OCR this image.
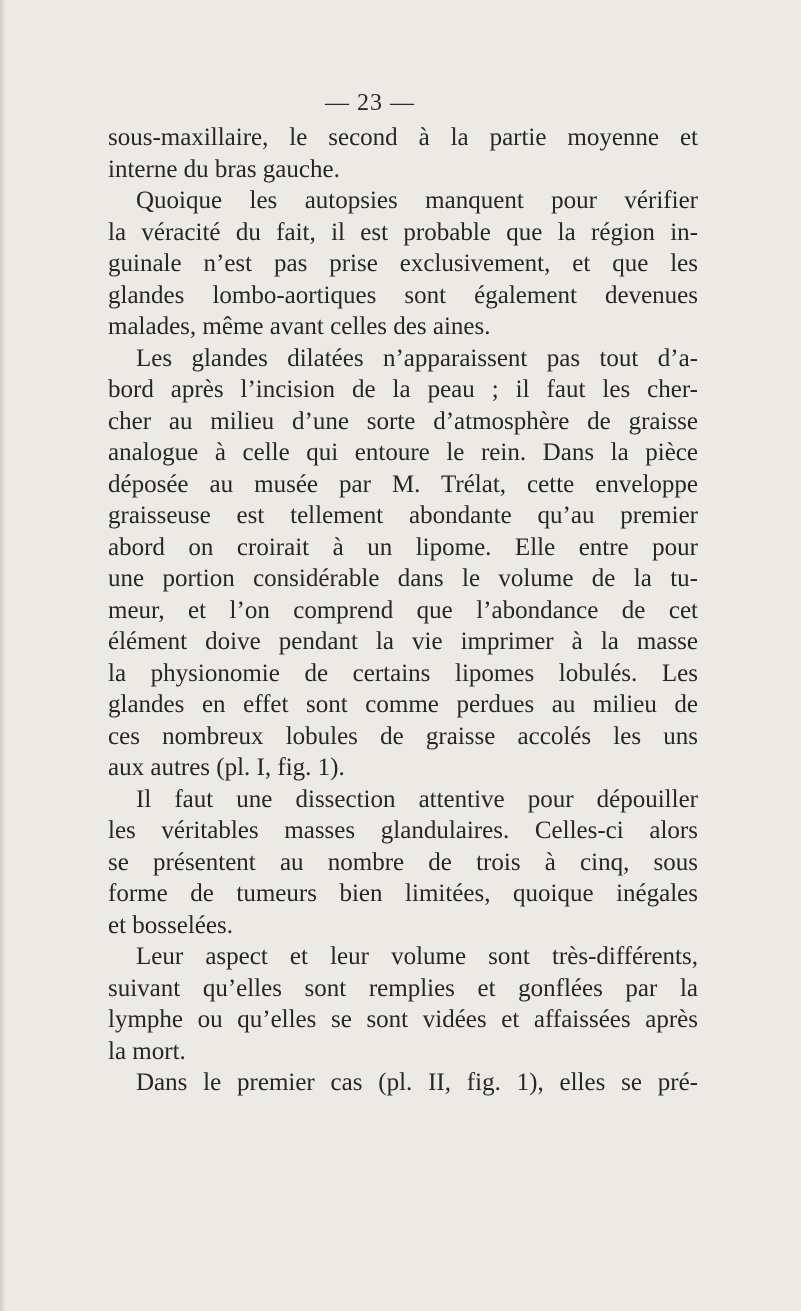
— 23 —
sous-maxillaire, le second à la partie moyenne et
interne du bras gauche.
Quoique les autopsies manquent pour vérifier
la véracité du fait, il est probable que la région in-
guinale n’est pas prise exclusivement, et que les
glandes lombo-aortiques sont également devenues
malades, même avant celles des aines.
Les glandes dilatées n’apparaissent pas tout d’a-
bord après l’incision de la peau ; il faut les cher-
cher au milieu d’une sorte d’atmosphère de graisse
analogue à celle qui entoure le rein. Dans la pièce
déposée au musée par M. Trélat, cette enveloppe
graisseuse est tellement abondante qu’au premier
abord on croirait à un lipome. Elle entre pour
une portion considérable dans le volume de la tu-
meur, et l’on comprend que l’abondance de cet
élément doive pendant la vie imprimer à la masse
la physionomie de certains lipomes lobulés. Les
glandes en effet sont comme perdues au milieu de
ces nombreux lobules de graisse accolés les uns
aux autres (pl. I, fig. 1).
Il faut une dissection attentive pour dépouiller
les véritables masses glandulaires. Celles-ci alors
se présentent au nombre de trois à cinq, sous
forme de tumeurs bien limitées, quoique inégales
et bosselées.
Leur aspect et leur volume sont très-différents,
suivant qu’elles sont remplies et gonflées par la
lymphe ou qu’elles se sont vidées et affaissées après
la mort.
Dans le premier cas (pl. II, fig. 1), elles se pré-
